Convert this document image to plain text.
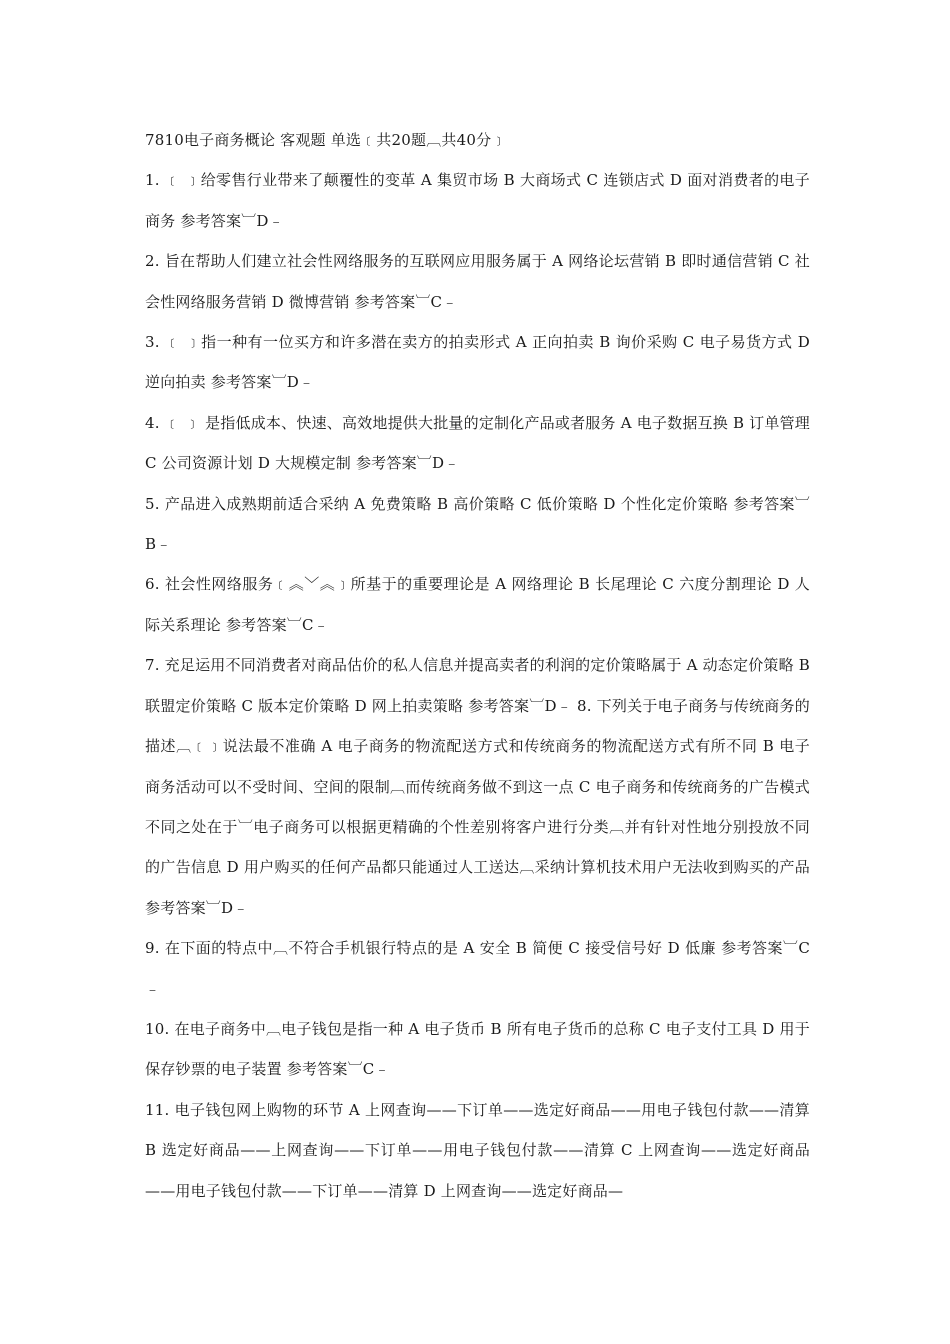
7810电子商务概论 客观题 单选﹝共20题︹共40分﹞

1. ﹝ ﹞给零售行业带来了颠覆性的变革 A 集贸市场 B 大商场式 C 连锁店式 D 面对消费者的电子商务 参考答案︺D﹣

2. 旨在帮助人们建立社会性网络服务的互联网应用服务属于 A 网络论坛营销 B 即时通信营销 C 社会性网络服务营销 D 微博营销 参考答案︺C﹣

3. ﹝ ﹞指一种有一位买方和许多潜在卖方的拍卖形式 A 正向拍卖 B 询价采购 C 电子易货方式 D 逆向拍卖 参考答案︺D﹣

4. ﹝ ﹞ 是指低成本、快速、高效地提供大批量的定制化产品或者服务 A 电子数据互换 B 订单管理 C 公司资源计划 D 大规模定制 参考答案︺D﹣

5. 产品进入成熟期前适合采纳 A 免费策略 B 高价策略 C 低价策略 D 个性化定价策略 参考答案︺B﹣

6. 社会性网络服务﹝︽﹀︽﹞所基于的重要理论是 A 网络理论 B 长尾理论 C 六度分割理论 D 人际关系理论 参考答案︺C﹣

7. 充足运用不同消费者对商品估价的私人信息并提高卖者的利润的定价策略属于 A 动态定价策略 B 联盟定价策略 C 版本定价策略 D 网上拍卖策略 参考答案︺D﹣ 8. 下列关于电子商务与传统商务的描述︹﹝﹞说法最不准确 A 电子商务的物流配送方式和传统商务的物流配送方式有所不同 B 电子商务活动可以不受时间、空间的限制︹而传统商务做不到这一点 C 电子商务和传统商务的广告模式不同之处在于︺电子商务可以根据更精确的个性差别将客户进行分类︹并有针对性地分别投放不同的广告信息 D 用户购买的任何产品都只能通过人工送达︹采纳计算机技术用户无法收到购买的产品 参考答案︺D﹣

9. 在下面的特点中︹不符合手机银行特点的是 A 安全 B 简便 C 接受信号好 D 低廉 参考答案︺C﹣

10. 在电子商务中︹电子钱包是指一种 A 电子货币 B 所有电子货币的总称 C 电子支付工具 D 用于保存钞票的电子装置 参考答案︺C﹣

11. 电子钱包网上购物的环节 A 上网查询——下订单——选定好商品——用电子钱包付款——清算 B 选定好商品——上网查询——下订单——用电子钱包付款——清算 C 上网查询——选定好商品——用电子钱包付款——下订单——清算 D 上网查询——选定好商品—
